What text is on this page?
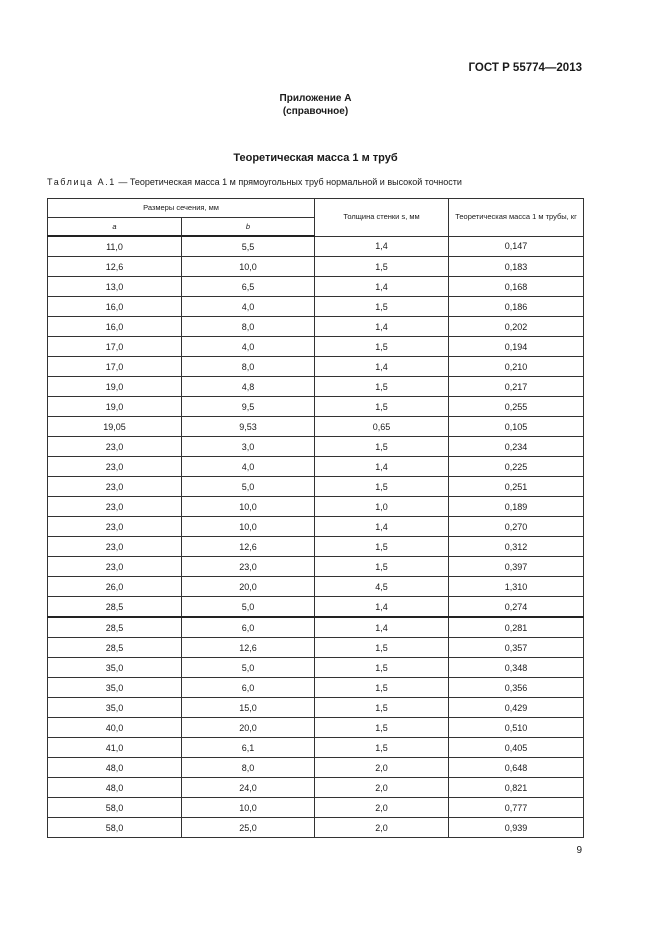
ГОСТ Р 55774—2013
Приложение А
(справочное)
Теоретическая масса 1 м труб
Таблица А.1 — Теоретическая масса 1 м прямоугольных труб нормальной и высокой точности
Размеры сечения, мм		Толщина стенки s, мм	Теоретическая масса 1 м трубы, кг
a	b		
11,0	5,5	1,4	0,147
12,6	10,0	1,5	0,183
13,0	6,5	1,4	0,168
16,0	4,0	1,5	0,186
16,0	8,0	1,4	0,202
17,0	4,0	1,5	0,194
17,0	8,0	1,4	0,210
19,0	4,8	1,5	0,217
19,0	9,5	1,5	0,255
19,05	9,53	0,65	0,105
23,0	3,0	1,5	0,234
23,0	4,0	1,4	0,225
23,0	5,0	1,5	0,251
23,0	10,0	1,0	0,189
23,0	10,0	1,4	0,270
23,0	12,6	1,5	0,312
23,0	23,0	1,5	0,397
26,0	20,0	4,5	1,310
28,5	5,0	1,4	0,274
28,5	6,0	1,4	0,281
28,5	12,6	1,5	0,357
35,0	5,0	1,5	0,348
35,0	6,0	1,5	0,356
35,0	15,0	1,5	0,429
40,0	20,0	1,5	0,510
41,0	6,1	1,5	0,405
48,0	8,0	2,0	0,648
48,0	24,0	2,0	0,821
58,0	10,0	2,0	0,777
58,0	25,0	2,0	0,939
9
